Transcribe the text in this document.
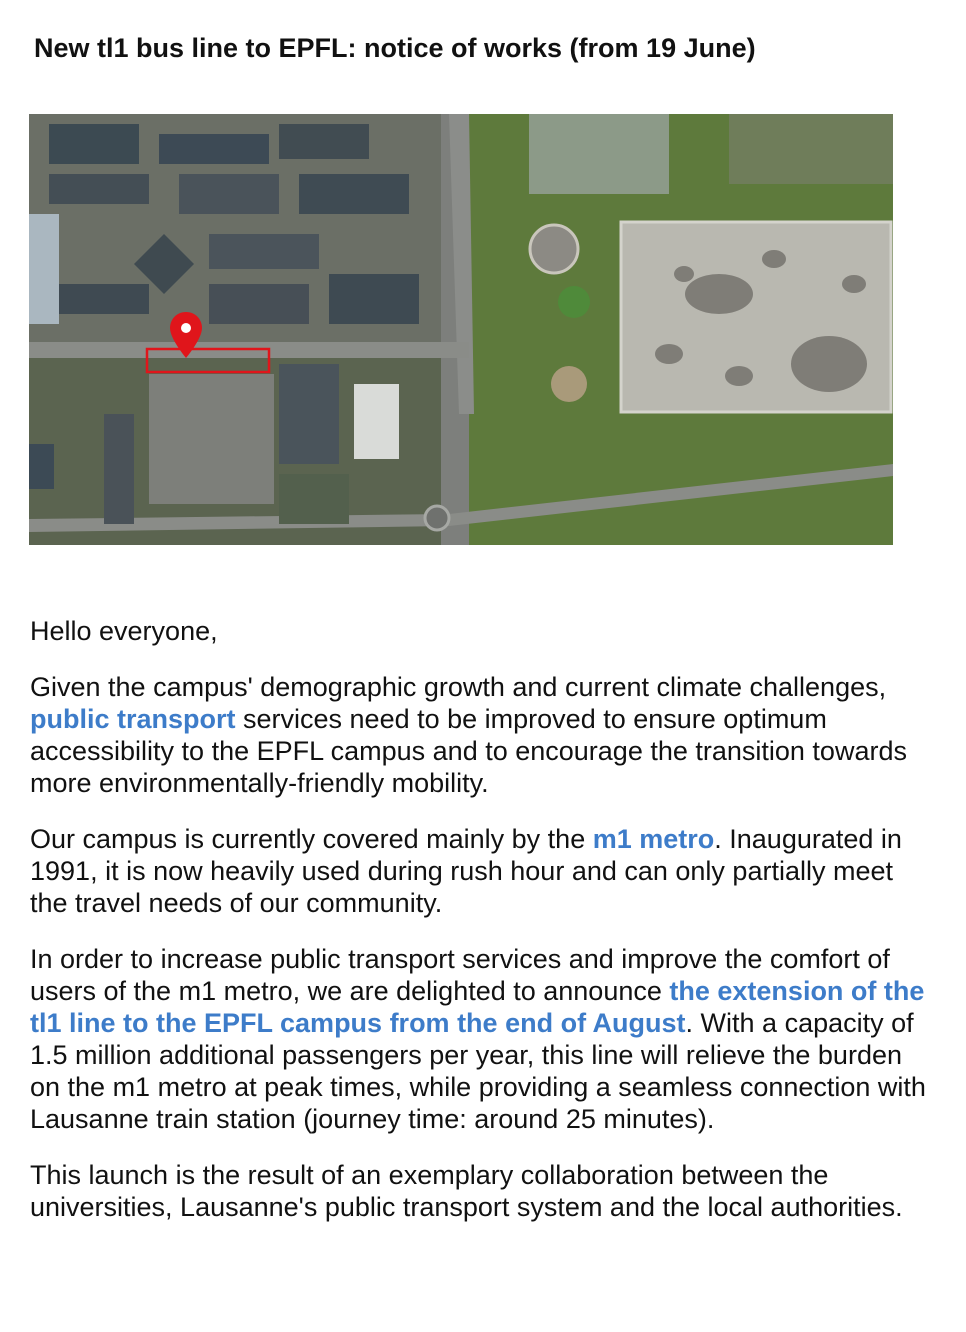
New tl1 bus line to EPFL: notice of works (from 19 June)

Hello everyone,

Given the campus' demographic growth and current climate challenges, public transport services need to be improved to ensure optimum accessibility to the EPFL campus and to encourage the transition towards more environmentally-friendly mobility.

Our campus is currently covered mainly by the m1 metro. Inaugurated in 1991, it is now heavily used during rush hour and can only partially meet the travel needs of our community.

In order to increase public transport services and improve the comfort of users of the m1 metro, we are delighted to announce the extension of the tl1 line to the EPFL campus from the end of August. With a capacity of 1.5 million additional passengers per year, this line will relieve the burden on the m1 metro at peak times, while providing a seamless connection with Lausanne train station (journey time: around 25 minutes).

This launch is the result of an exemplary collaboration between the universities, Lausanne's public transport system and the local authorities.
